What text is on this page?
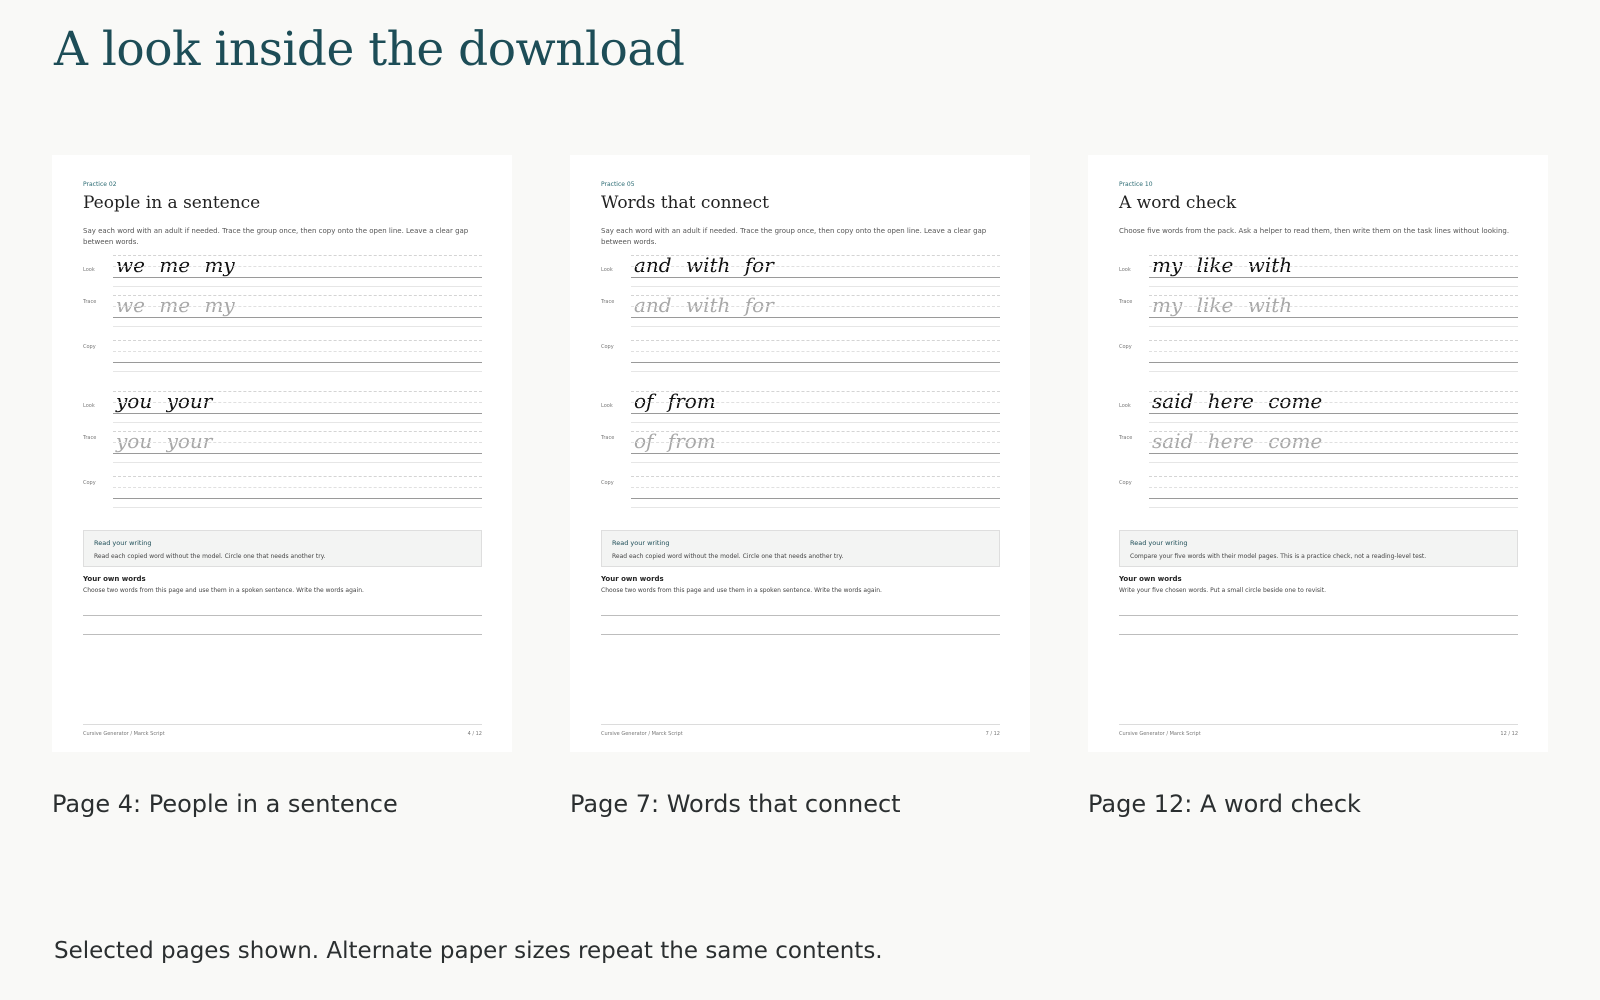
A look inside the download
Practice 02
People in a sentence
Say each word with an adult if needed. Trace the group once, then copy onto the open line. Leave a clear gap between words.
Look we me my
Trace we me my
Copy
Look you your
Trace you your
Copy
Read your writing
Read each copied word without the model. Circle one that needs another try.
Your own words
Choose two words from this page and use them in a spoken sentence. Write the words again.
Cursive Generator / Marck Script	4 / 12

Page 4: People in a sentence

Practice 05
Words that connect
Say each word with an adult if needed. Trace the group once, then copy onto the open line. Leave a clear gap between words.
Look and with for
Trace and with for
Copy
Look of from
Trace of from
Copy
Read your writing
Read each copied word without the model. Circle one that needs another try.
Your own words
Choose two words from this page and use them in a spoken sentence. Write the words again.
Cursive Generator / Marck Script	7 / 12

Page 7: Words that connect

Practice 10
A word check
Choose five words from the pack. Ask a helper to read them, then write them on the task lines without looking.
Look my like with
Trace my like with
Copy
Look said here come
Trace said here come
Copy
Read your writing
Compare your five words with their model pages. This is a practice check, not a reading-level test.
Your own words
Write your five chosen words. Put a small circle beside one to revisit.
Cursive Generator / Marck Script	12 / 12

Page 12: A word check

Selected pages shown. Alternate paper sizes repeat the same contents.
